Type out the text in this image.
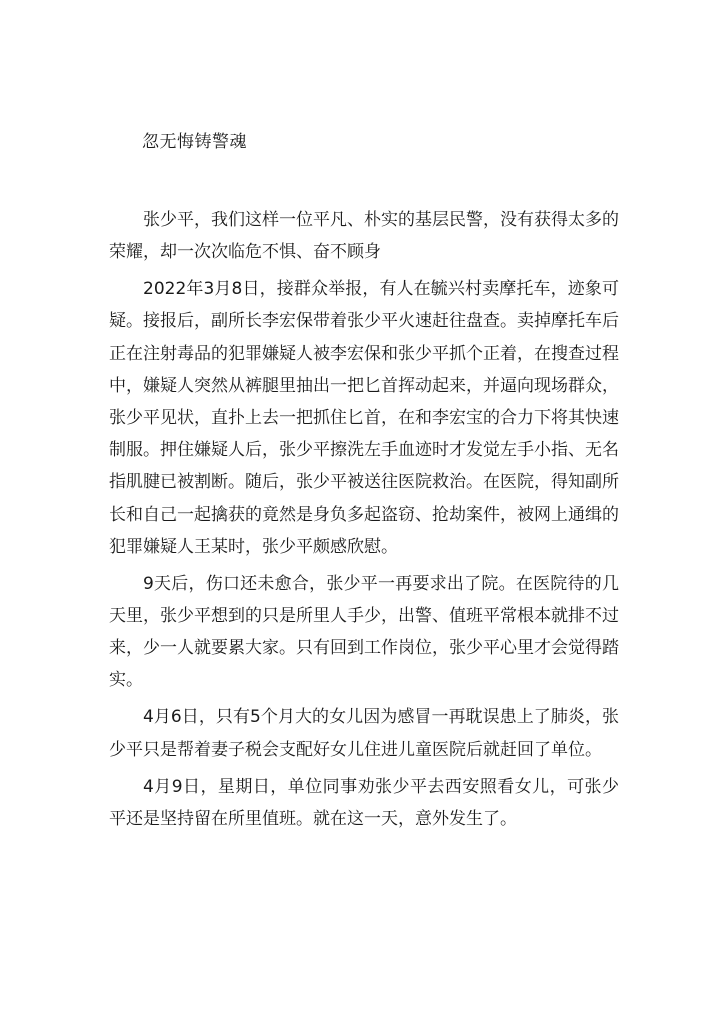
忽无悔铸警魂

张少平，我们这样一位平凡、朴实的基层民警，没有获得太多的荣耀，却一次次临危不惧、奋不顾身

2022年3月8日，接群众举报，有人在毓兴村卖摩托车，迹象可疑。接报后，副所长李宏保带着张少平火速赶往盘查。卖掉摩托车后正在注射毒品的犯罪嫌疑人被李宏保和张少平抓个正着，在搜查过程中，嫌疑人突然从裤腿里抽出一把匕首挥动起来，并逼向现场群众，张少平见状，直扑上去一把抓住匕首，在和李宏宝的合力下将其快速制服。押住嫌疑人后，张少平擦洗左手血迹时才发觉左手小指、无名指肌腱已被割断。随后，张少平被送往医院救治。在医院，得知副所长和自己一起擒获的竟然是身负多起盗窃、抢劫案件，被网上通缉的犯罪嫌疑人王某时，张少平颇感欣慰。

9天后，伤口还未愈合，张少平一再要求出了院。在医院待的几天里，张少平想到的只是所里人手少，出警、值班平常根本就排不过来，少一人就要累大家。只有回到工作岗位，张少平心里才会觉得踏实。

4月6日，只有5个月大的女儿因为感冒一再耽误患上了肺炎，张少平只是帮着妻子税会支配好女儿住进儿童医院后就赶回了单位。

4月9日，星期日，单位同事劝张少平去西安照看女儿，可张少平还是坚持留在所里值班。就在这一天，意外发生了。
